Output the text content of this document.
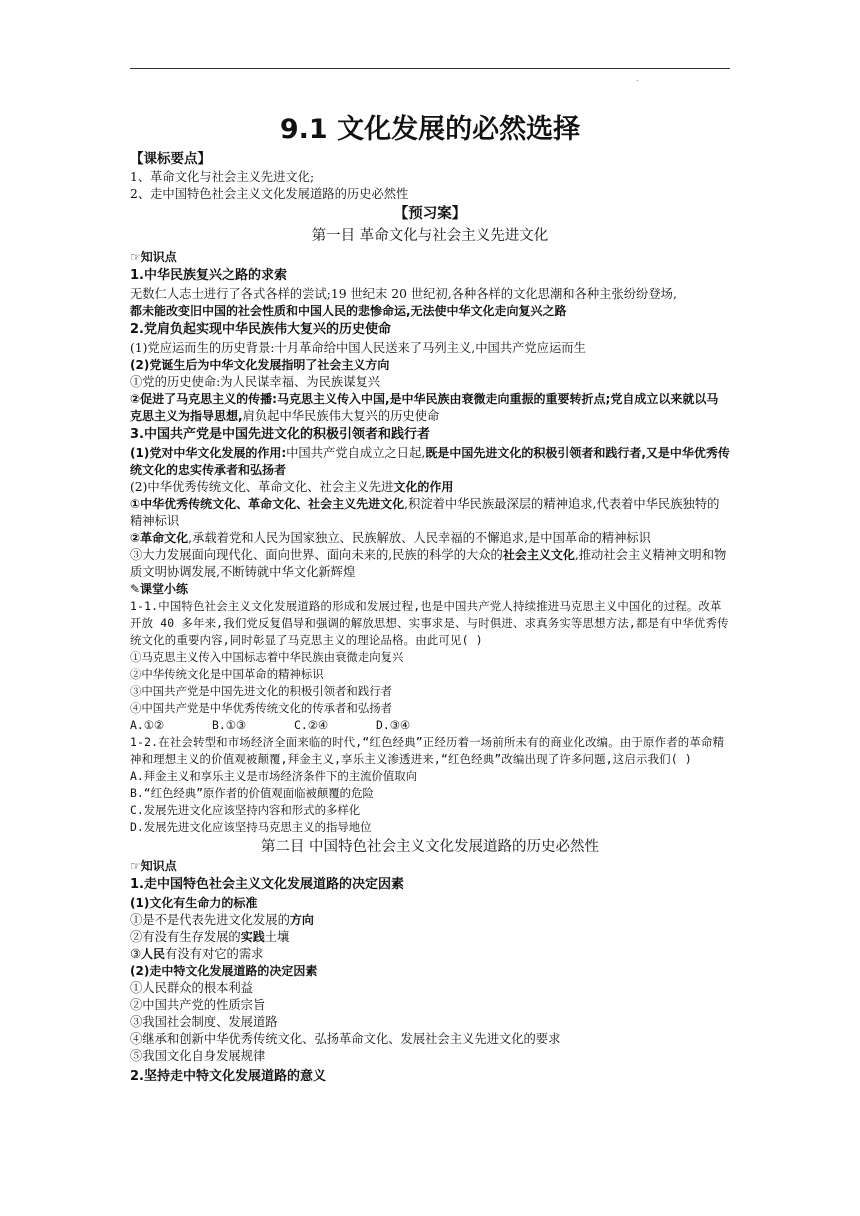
.
9.1 文化发展的必然选择
【课标要点】
1、革命文化与社会主义先进文化;
2、走中国特色社会主义文化发展道路的历史必然性
【预习案】
第一目 革命文化与社会主义先进文化
☞知识点
1.中华民族复兴之路的求索
无数仁人志士进行了各式各样的尝试;19 世纪末 20 世纪初,各种各样的文化思潮和各种主张纷纷登场,
都未能改变旧中国的社会性质和中国人民的悲惨命运,无法使中华文化走向复兴之路
2.党肩负起实现中华民族伟大复兴的历史使命
(1)党应运而生的历史背景:十月革命给中国人民送来了马列主义,中国共产党应运而生
(2)党诞生后为中华文化发展指明了社会主义方向
①党的历史使命:为人民谋幸福、为民族谋复兴
②促进了马克思主义的传播:马克思主义传入中国,是中华民族由衰微走向重振的重要转折点;党自成立以来就以马克思主义为指导思想,肩负起中华民族伟大复兴的历史使命
3.中国共产党是中国先进文化的积极引领者和践行者
(1)党对中华文化发展的作用:中国共产党自成立之日起,既是中国先进文化的积极引领者和践行者,又是中华优秀传统文化的忠实传承者和弘扬者
(2)中华优秀传统文化、革命文化、社会主义先进文化的作用
①中华优秀传统文化、革命文化、社会主义先进文化,积淀着中华民族最深层的精神追求,代表着中华民族独特的精神标识
②革命文化,承载着党和人民为国家独立、民族解放、人民幸福的不懈追求,是中国革命的精神标识
③大力发展面向现代化、面向世界、面向未来的,民族的科学的大众的社会主义文化,推动社会主义精神文明和物质文明协调发展,不断铸就中华文化新辉煌
✎课堂小练
1-1.中国特色社会主义文化发展道路的形成和发展过程,也是中国共产党人持续推进马克思主义中国化的过程。改革开放 40 多年来,我们党反复倡导和强调的解放思想、实事求是、与时俱进、求真务实等思想方法,都是有中华优秀传统文化的重要内容,同时彰显了马克思主义的理论品格。由此可见( )
①马克思主义传入中国标志着中华民族由衰微走向复兴
②中华传统文化是中国革命的精神标识
③中国共产党是中国先进文化的积极引领者和践行者
④中国共产党是中华优秀传统文化的传承者和弘扬者
A.①②	B.①③	C.②④	D.③④
1-2.在社会转型和市场经济全面来临的时代,“红色经典”正经历着一场前所未有的商业化改编。由于原作者的革命精神和理想主义的价值观被颠覆,拜金主义,享乐主义渗透进来,“红色经典”改编出现了许多问题,这启示我们( )
A.拜金主义和享乐主义是市场经济条件下的主流价值取向
B.“红色经典”原作者的价值观面临被颠覆的危险
C.发展先进文化应该坚持内容和形式的多样化
D.发展先进文化应该坚持马克思主义的指导地位
第二目 中国特色社会主义文化发展道路的历史必然性
☞知识点
1.走中国特色社会主义文化发展道路的决定因素
(1)文化有生命力的标准
①是不是代表先进文化发展的方向
②有没有生存发展的实践土壤
③人民有没有对它的需求
(2)走中特文化发展道路的决定因素
①人民群众的根本利益
②中国共产党的性质宗旨
③我国社会制度、发展道路
④继承和创新中华优秀传统文化、弘扬革命文化、发展社会主义先进文化的要求
⑤我国文化自身发展规律
2.坚持走中特文化发展道路的意义
